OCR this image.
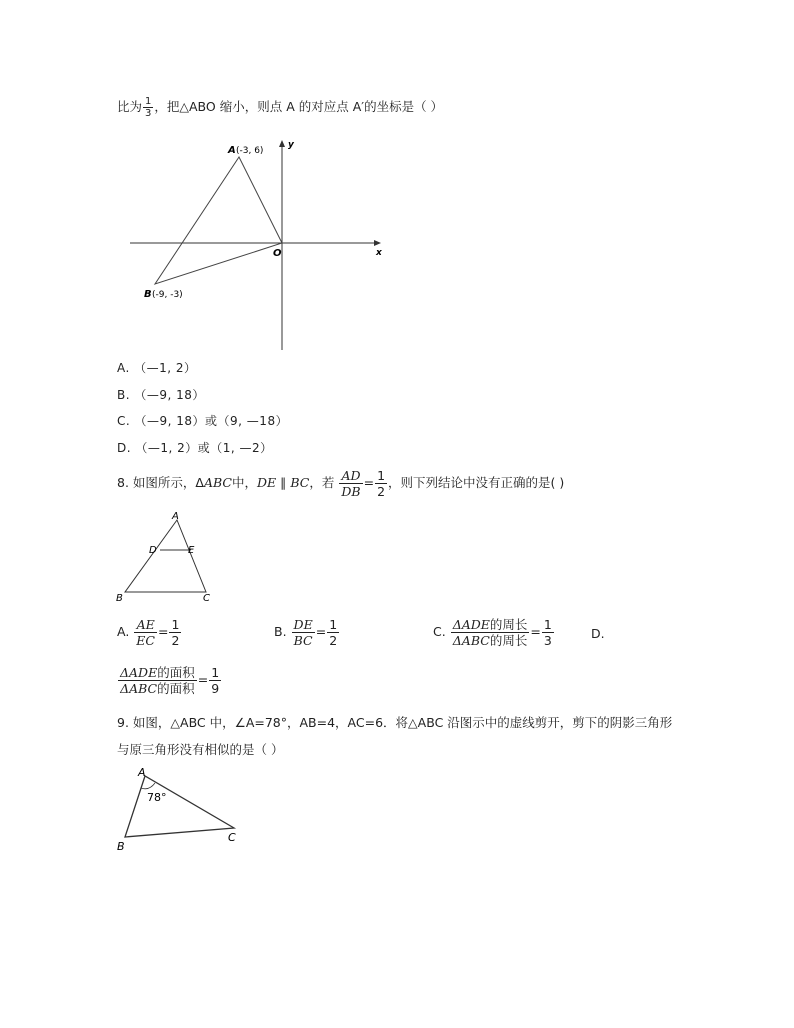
比为 $\frac{1}{3}$ ，把△ABO 缩小，则点 A 的对应点 A′的坐标是（ ）
A (-3, 6)
B (-9, -3)
O	x
y
A. （—1, 2）
B. （—9, 18）
C. （—9, 18）或（9, —18）
D. （—1, 2）或（1, —2）
8. 如图所示，ΔABC中，DE ∥ BC，若 $\frac{AD}{DB} = \frac{1}{2}$ ，则下列结论中没有正确的是( )
A
D	E
B	C
A. $\frac{AE}{EC} = \frac{1}{2}$	B. $\frac{DE}{BC} = \frac{1}{2}$	C. $\frac{\text{ΔADE的周长}}{\text{ΔABC的周长}} = \frac{1}{3}$	D.
$\frac{\text{ΔADE的面积}}{\text{ΔABC的面积}} = \frac{1}{9}$
9. 如图，△ABC 中，∠A=78°，AB=4，AC=6．将△ABC 沿图示中的虚线剪开，剪下的阴影三角形
与原三角形没有相似的是（ ）
A
78°
B
C
